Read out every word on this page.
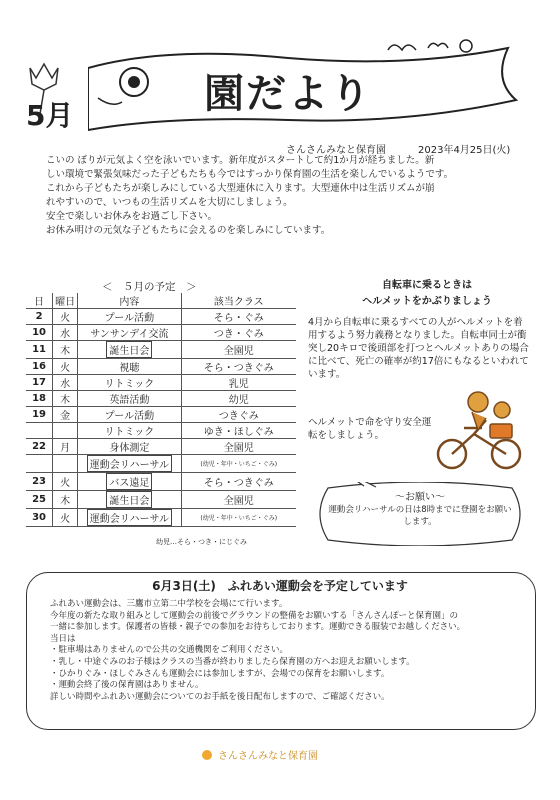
5月	園だより
さんさんみなと保育園	2023年4月25日(火)

こいの ぼりが元気よく空を泳いでいます。新年度がスタートして約1か月が経ちました。新

しい環境で緊張気味だった子どもたちも今ではすっかり保育園の生活を楽しんでいるようです。

これから子どもたちが楽しみにしている大型連休に入ります。大型連休中は生活リズムが崩

れやすいので、いつもの生活リズムを大切にしましょう。

安全で楽しいお休みをお過ごし下さい。

お休み明けの元気な子どもたちに会えるのを楽しみにしています。

＜　５月の予定　＞
日	曜日	内容	該当クラス
2	火	プール活動	そら・ぐみ
10	水	サンサンデイ交流	つき・ぐみ
11	木	誕生日会	全園児
16	火	視聴	そら・つきぐみ
17	水	リトミック	乳児
18	木	英語活動	幼児
19	金	プール活動	つきぐみ
		リトミック	ゆき・ほしぐみ
22	月	身体測定	全園児
		運動会リハーサル	(幼児・年中・いちご・ぐみ)
23	火	バス遠足	そら・つきぐみ
25	木	誕生日会	全園児
30	火	運動会リハーサル	(幼児・年中・いちご・ぐみ)
幼児…そら・つき・にじぐみ
自転車に乗るときは
ヘルメットをかぶりましょう
4月から自転車に乗るすべての人がヘルメットを着用するよう努力義務となりました。自転車同士が衝突し20キロで後頭部を打つとヘルメットありの場合に比べて、死亡の確率が約17倍にもなるといわれています。
ヘルメットで命を守り安全運転をしましょう。
～お願い～
運動会リハーサルの日は8時までに登園をお願いします。
6月3日(土)　ふれあい運動会を予定しています

ふれあい運動会は、三鷹市立第二中学校を会場にて行います。

今年度の新たな取り組みとして運動会の前後でグラウンドの整備をお願いする「さんさんぽーと保育園」の

一緒に参加します。保護者の皆様・親子での参加をお待ちしております。運動できる服装でお越しください。

当日は

・駐車場はありませんので公共の交通機関をご利用ください。

・乳し・中途ぐみのお子様はクラスの当番が終わりましたら保育園の方へお迎えお願いします。

・ひかりぐみ・ほしぐみさんも運動会には参加しますが、会場での保育をお願いします。

・運動会終了後の保育園はありません。

詳しい時間やふれあい運動会についてのお手紙を後日配布しますので、ご確認ください。

さんさんみなと保育園
